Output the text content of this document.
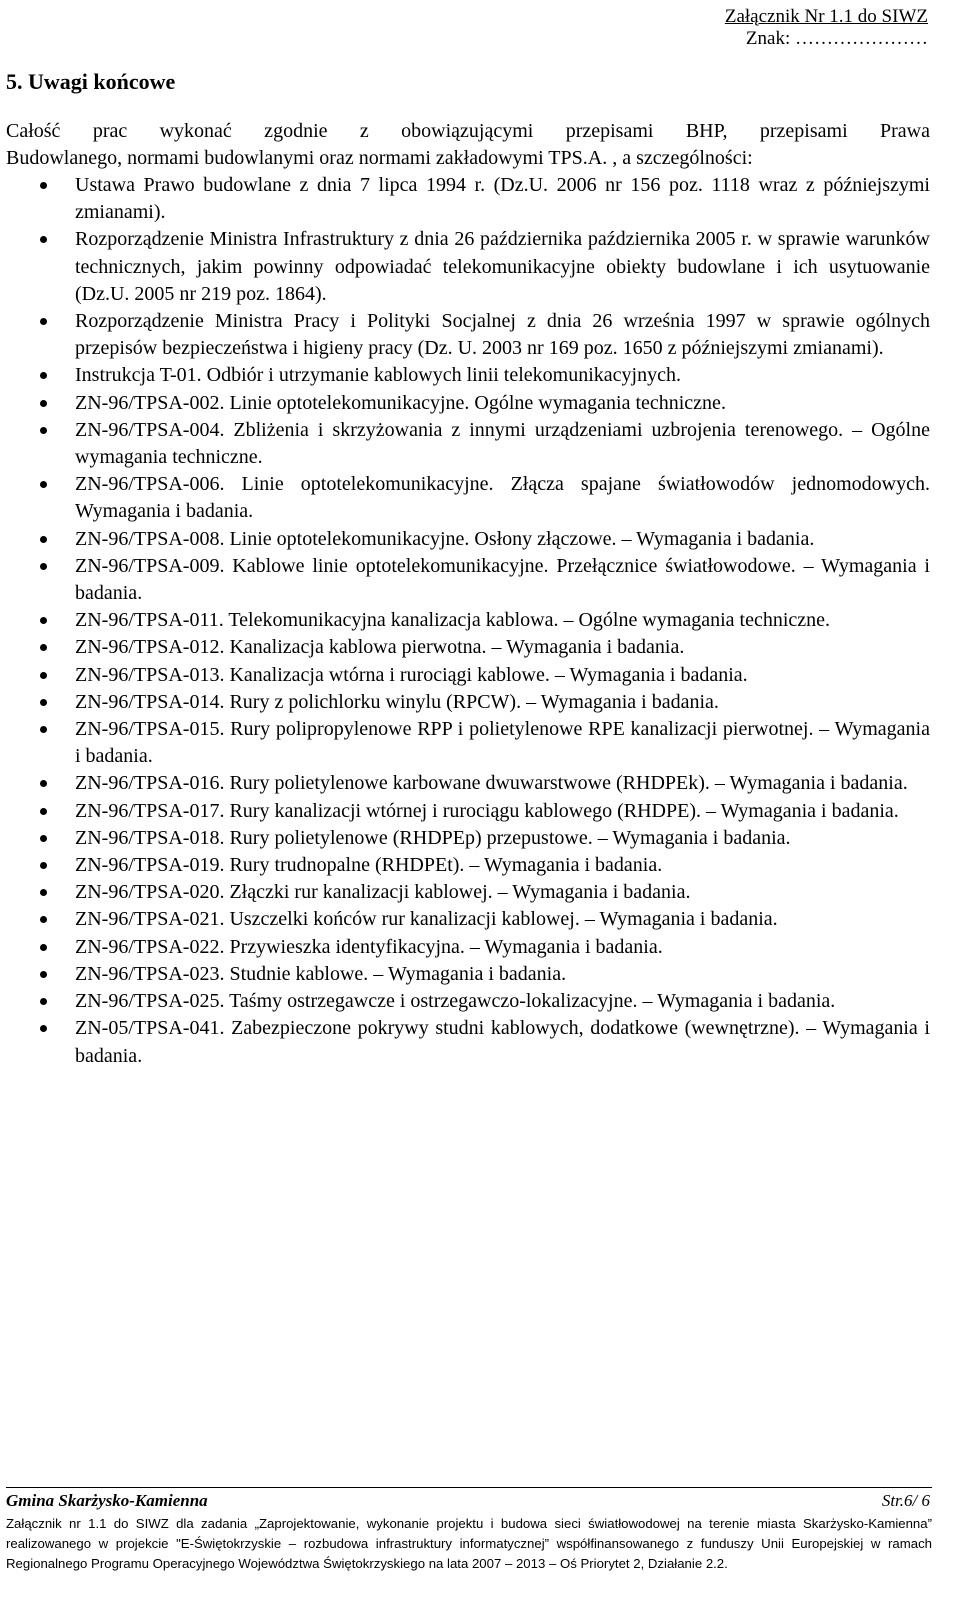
Załącznik Nr 1.1 do SIWZ
Znak: …………………
5. Uwagi końcowe

Całość prac wykonać zgodnie z obowiązującymi przepisami BHP, przepisami Prawa
Budowlanego, normami budowlanymi oraz normami zakładowymi TPS.A. , a szczególności:

Ustawa Prawo budowlane z dnia 7 lipca 1994 r. (Dz.U. 2006 nr 156 poz. 1118 wraz z późniejszymi zmianami).
Rozporządzenie Ministra Infrastruktury z dnia 26 października października 2005 r. w sprawie warunków technicznych, jakim powinny odpowiadać telekomunikacyjne obiekty budowlane i ich usytuowanie (Dz.U. 2005 nr 219 poz. 1864).
Rozporządzenie Ministra Pracy i Polityki Socjalnej z dnia 26 września 1997 w sprawie ogólnych przepisów bezpieczeństwa i higieny pracy (Dz. U. 2003 nr 169 poz. 1650 z późniejszymi zmianami).
Instrukcja T-01. Odbiór i utrzymanie kablowych linii telekomunikacyjnych.
ZN-96/TPSA-002. Linie optotelekomunikacyjne. Ogólne wymagania techniczne.
ZN-96/TPSA-004. Zbliżenia i skrzyżowania z innymi urządzeniami uzbrojenia terenowego. – Ogólne wymagania techniczne.
ZN-96/TPSA-006. Linie optotelekomunikacyjne. Złącza spajane światłowodów jednomodowych. Wymagania i badania.
ZN-96/TPSA-008. Linie optotelekomunikacyjne. Osłony złączowe. – Wymagania i badania.
ZN-96/TPSA-009. Kablowe linie optotelekomunikacyjne. Przełącznice światłowodowe. – Wymagania i badania.
ZN-96/TPSA-011. Telekomunikacyjna kanalizacja kablowa. – Ogólne wymagania techniczne.
ZN-96/TPSA-012. Kanalizacja kablowa pierwotna. – Wymagania i badania.
ZN-96/TPSA-013. Kanalizacja wtórna i rurociągi kablowe. – Wymagania i badania.
ZN-96/TPSA-014. Rury z polichlorku winylu (RPCW). – Wymagania i badania.
ZN-96/TPSA-015. Rury polipropylenowe RPP i polietylenowe RPE kanalizacji pierwotnej. – Wymagania i badania.
ZN-96/TPSA-016. Rury polietylenowe karbowane dwuwarstwowe (RHDPEk). – Wymagania i badania.
ZN-96/TPSA-017. Rury kanalizacji wtórnej i rurociągu kablowego (RHDPE). – Wymagania i badania.
ZN-96/TPSA-018. Rury polietylenowe (RHDPEp) przepustowe. – Wymagania i badania.
ZN-96/TPSA-019. Rury trudnopalne (RHDPEt). – Wymagania i badania.
ZN-96/TPSA-020. Złączki rur kanalizacji kablowej. – Wymagania i badania.
ZN-96/TPSA-021. Uszczelki końców rur kanalizacji kablowej. – Wymagania i badania.
ZN-96/TPSA-022. Przywieszka identyfikacyjna. – Wymagania i badania.
ZN-96/TPSA-023. Studnie kablowe. – Wymagania i badania.
ZN-96/TPSA-025. Taśmy ostrzegawcze i ostrzegawczo-lokalizacyjne. – Wymagania i badania.
ZN-05/TPSA-041. Zabezpieczone pokrywy studni kablowych, dodatkowe (wewnętrzne). – Wymagania i badania.
Gmina Skarżysko-Kamienna	Str.6/ 6

Załącznik nr 1.1 do SIWZ dla zadania „Zaprojektowanie, wykonanie projektu i budowa sieci światłowodowej na terenie miasta Skarżysko-Kamienna”
realizowanego w projekcie "E-Świętokrzyskie – rozbudowa infrastruktury informatycznej” współfinansowanego z funduszy Unii Europejskiej w ramach
Regionalnego Programu Operacyjnego Województwa Świętokrzyskiego na lata 2007 – 2013 – Oś Priorytet 2, Działanie 2.2.
